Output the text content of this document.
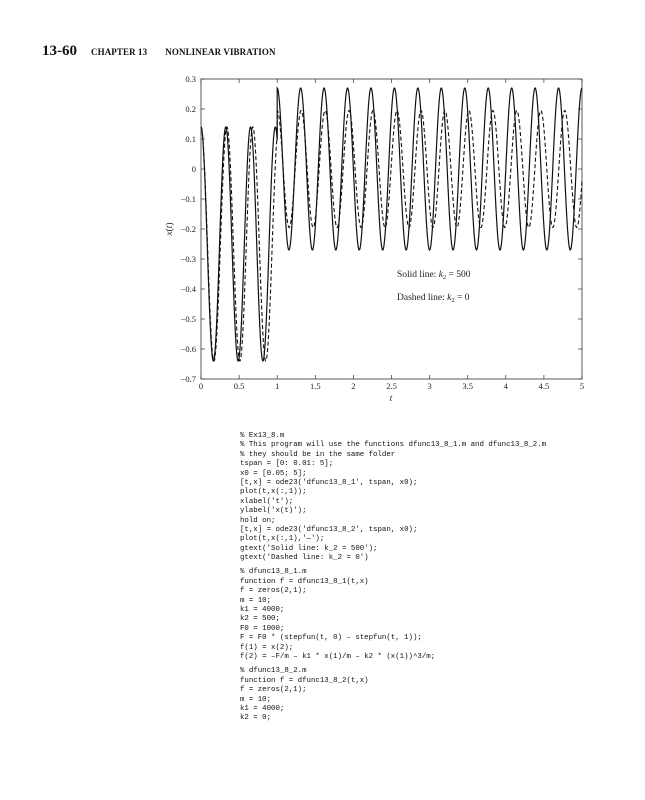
13-60 CHAPTER 13 NONLINEAR VIBRATION
0	0.5	1	1.5	2	2.5	3	3.5	4	4.5	5
0.3
0.2
0.1
0
−0.1
−0.2
−0.3
−0.4
−0.5
−0.6
−0.7
Solid line: $k_2 = 500$
Dashed line: $k_2 = 0$
t
x(t)
% Ex13_8.m
% This program will use the functions dfunc13_8_1.m and dfunc13_8_2.m
% they should be in the same folder
tspan = [0: 0.01: 5];
x0 = [0.05; 5];
[t,x] = ode23('dfunc13_8_1', tspan, x0);
plot(t,x(:,1));
xlabel('t');
ylabel('x(t)');
hold on;
[t,x] = ode23('dfunc13_8_2', tspan, x0);
plot(t,x(:,1),'—');
gtext('Solid line: k_2 = 500');
gtext('Dashed line: k_2 = 0')
% dfunc13_8_1.m
function f = dfunc13_8_1(t,x)
f = zeros(2,1);
m = 10;
k1 = 4000;
k2 = 500;
F0 = 1000;
F = F0 * (stepfun(t, 0) – stepfun(t, 1));
f(1) = x(2);
f(2) = –F/m – k1 * x(1)/m – k2 * (x(1))^3/m;
% dfunc13_8_2.m
function f = dfunc13_8_2(t,x)
f = zeros(2,1);
m = 10;
k1 = 4000;
k2 = 0;
